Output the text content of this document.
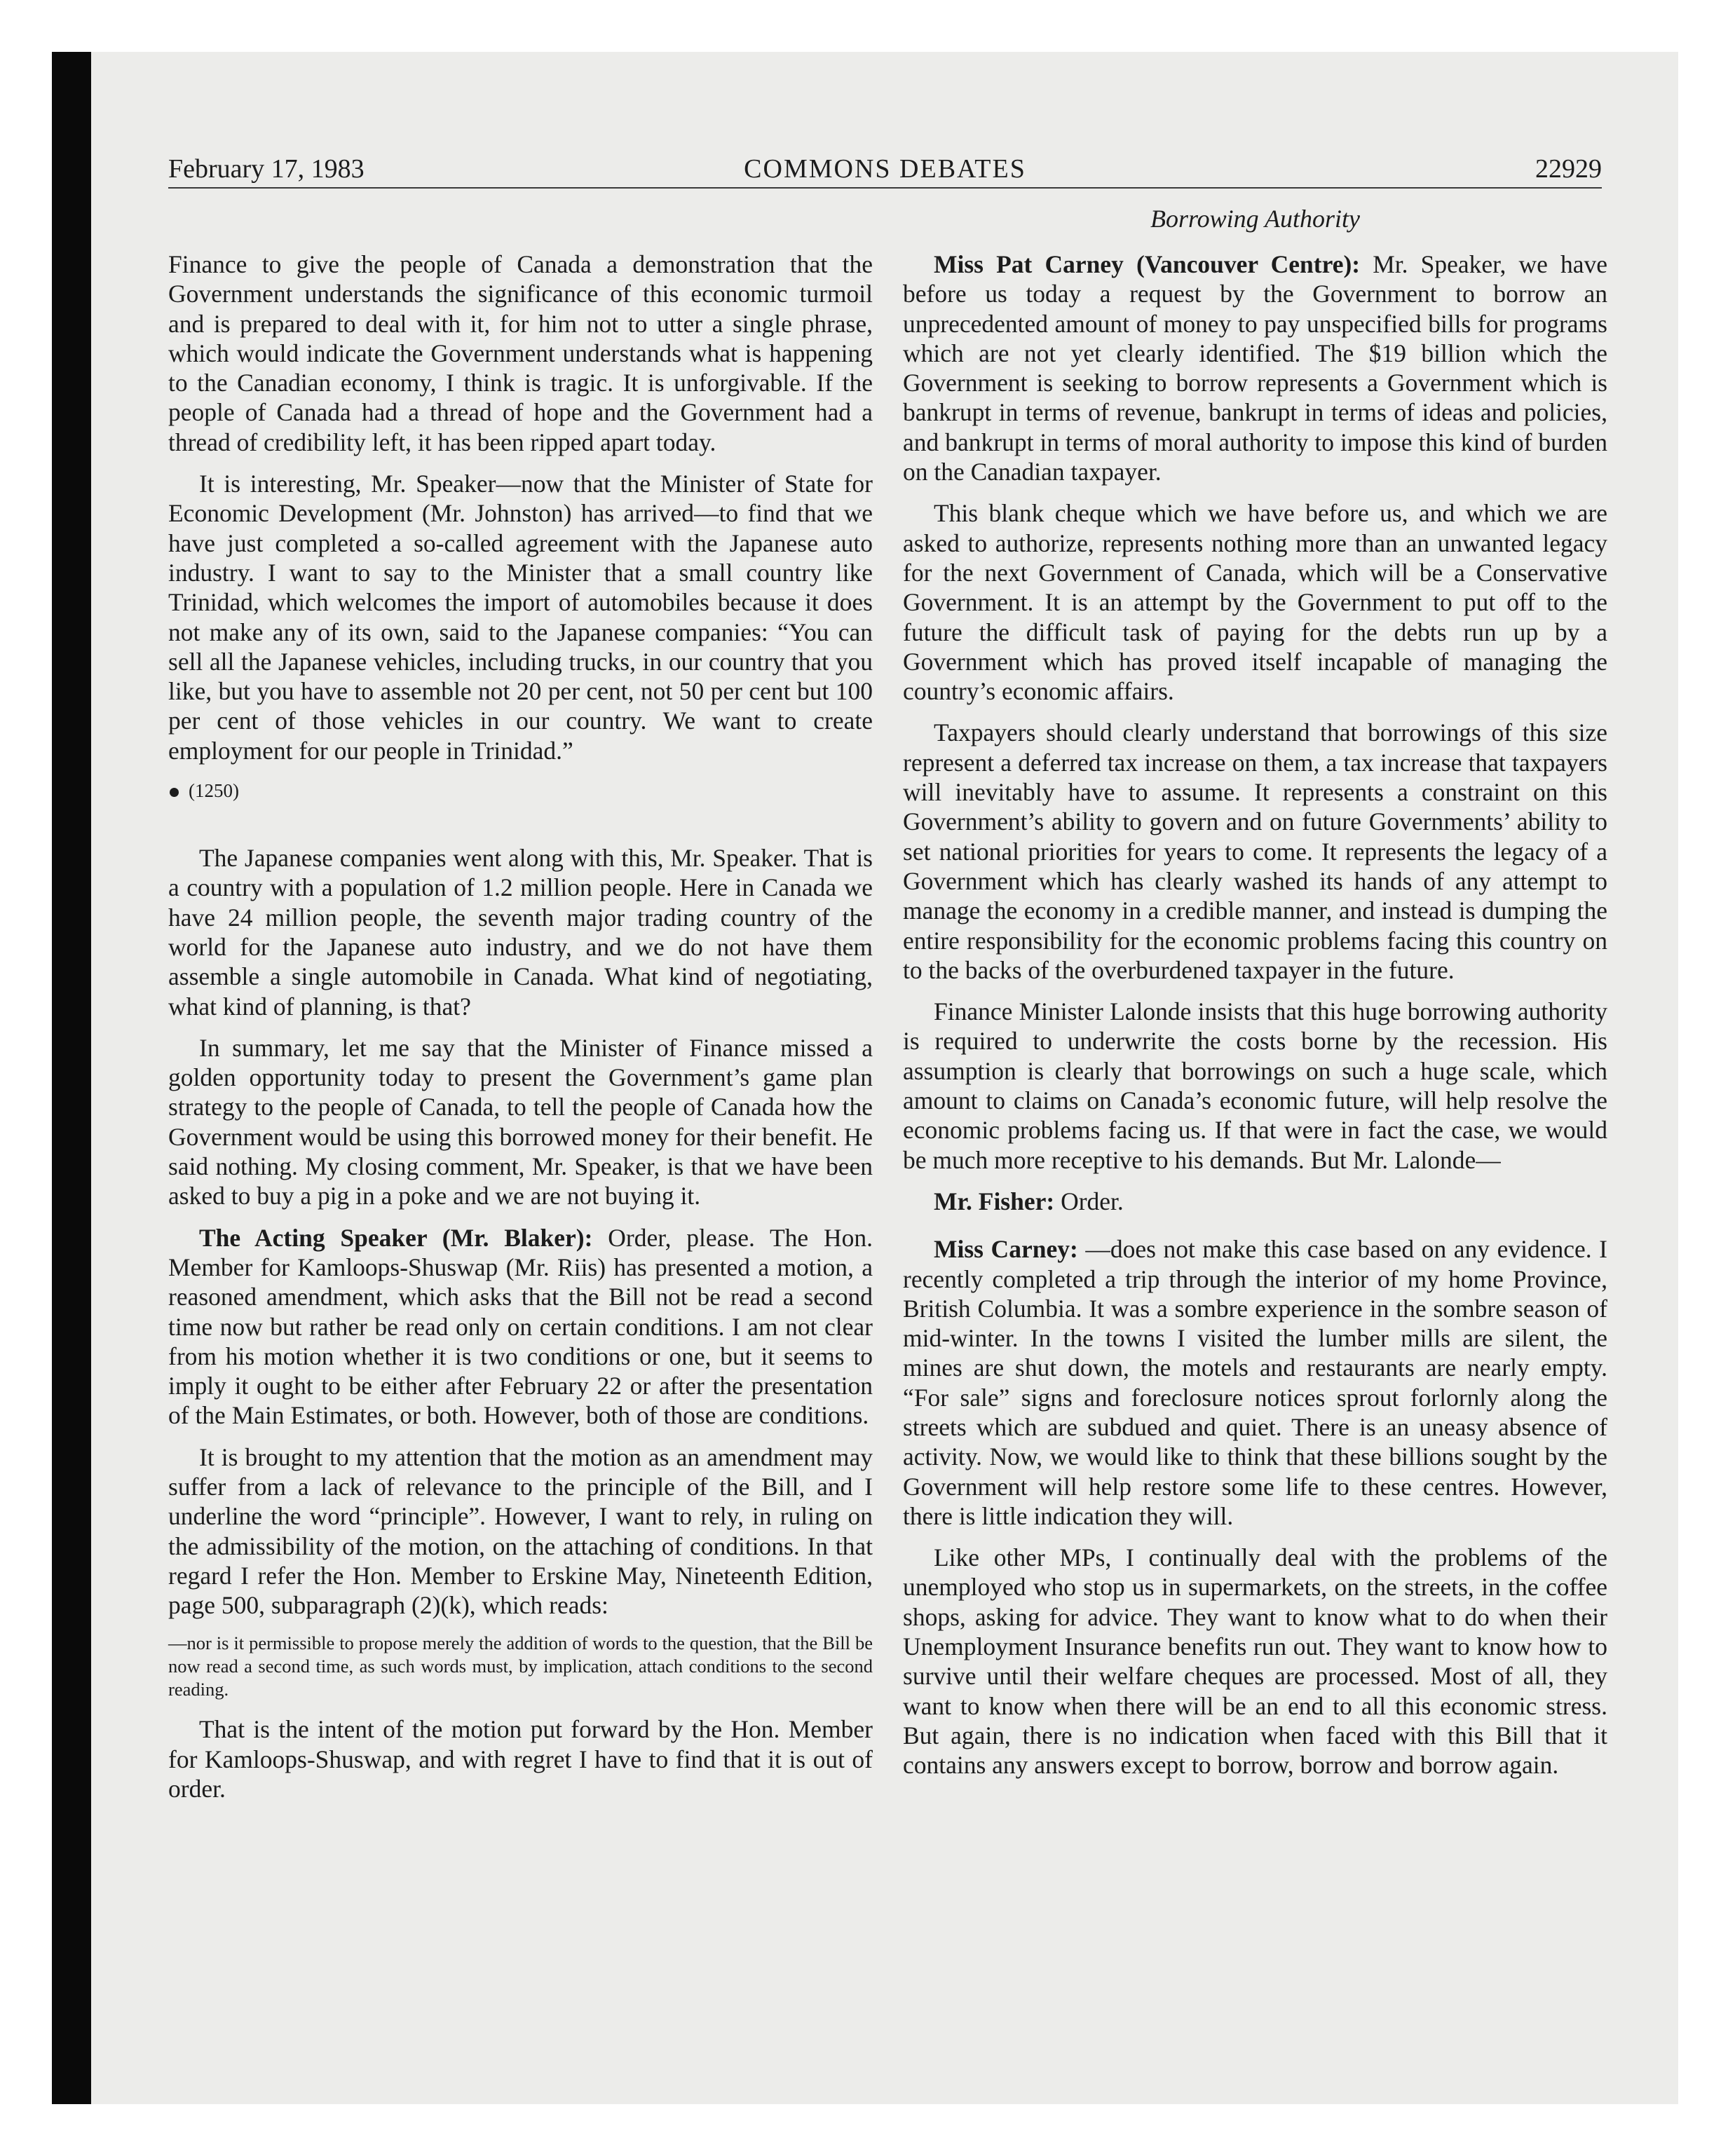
February 17, 1983	COMMONS DEBATES	22929
Borrowing Authority

Finance to give the people of Canada a demonstration that the Government understands the significance of this economic turmoil and is prepared to deal with it, for him not to utter a single phrase, which would indicate the Government understands what is happening to the Canadian economy, I think is tragic. It is unforgivable. If the people of Canada had a thread of hope and the Government had a thread of credibility left, it has been ripped apart today.

It is interesting, Mr. Speaker—now that the Minister of State for Economic Development (Mr. Johnston) has arrived—to find that we have just completed a so-called agreement with the Japanese auto industry. I want to say to the Minister that a small country like Trinidad, which welcomes the import of automobiles because it does not make any of its own, said to the Japanese companies: “You can sell all the Japanese vehicles, including trucks, in our country that you like, but you have to assemble not 20 per cent, not 50 per cent but 100 per cent of those vehicles in our country. We want to create employment for our people in Trinidad.”

(1250)

The Japanese companies went along with this, Mr. Speaker. That is a country with a population of 1.2 million people. Here in Canada we have 24 million people, the seventh major trading country of the world for the Japanese auto industry, and we do not have them assemble a single automobile in Canada. What kind of negotiating, what kind of planning, is that?

In summary, let me say that the Minister of Finance missed a golden opportunity today to present the Government’s game plan strategy to the people of Canada, to tell the people of Canada how the Government would be using this borrowed money for their benefit. He said nothing. My closing comment, Mr. Speaker, is that we have been asked to buy a pig in a poke and we are not buying it.

The Acting Speaker (Mr. Blaker): Order, please. The Hon. Member for Kamloops-Shuswap (Mr. Riis) has presented a motion, a reasoned amendment, which asks that the Bill not be read a second time now but rather be read only on certain conditions. I am not clear from his motion whether it is two conditions or one, but it seems to imply it ought to be either after February 22 or after the presentation of the Main Estimates, or both. However, both of those are conditions.

It is brought to my attention that the motion as an amendment may suffer from a lack of relevance to the principle of the Bill, and I underline the word “principle”. However, I want to rely, in ruling on the admissibility of the motion, on the attaching of conditions. In that regard I refer the Hon. Member to Erskine May, Nineteenth Edition, page 500, subparagraph (2)(k), which reads:

—nor is it permissible to propose merely the addition of words to the question, that the Bill be now read a second time, as such words must, by implication, attach conditions to the second reading.

That is the intent of the motion put forward by the Hon. Member for Kamloops-Shuswap, and with regret I have to find that it is out of order.

Miss Pat Carney (Vancouver Centre): Mr. Speaker, we have before us today a request by the Government to borrow an unprecedented amount of money to pay unspecified bills for programs which are not yet clearly identified. The $19 billion which the Government is seeking to borrow represents a Government which is bankrupt in terms of revenue, bankrupt in terms of ideas and policies, and bankrupt in terms of moral authority to impose this kind of burden on the Canadian taxpayer.

This blank cheque which we have before us, and which we are asked to authorize, represents nothing more than an unwanted legacy for the next Government of Canada, which will be a Conservative Government. It is an attempt by the Government to put off to the future the difficult task of paying for the debts run up by a Government which has proved itself incapable of managing the country’s economic affairs.

Taxpayers should clearly understand that borrowings of this size represent a deferred tax increase on them, a tax increase that taxpayers will inevitably have to assume. It represents a constraint on this Government’s ability to govern and on future Governments’ ability to set national priorities for years to come. It represents the legacy of a Government which has clearly washed its hands of any attempt to manage the economy in a credible manner, and instead is dumping the entire responsibility for the economic problems facing this country on to the backs of the overburdened taxpayer in the future.

Finance Minister Lalonde insists that this huge borrowing authority is required to underwrite the costs borne by the recession. His assumption is clearly that borrowings on such a huge scale, which amount to claims on Canada’s economic future, will help resolve the economic problems facing us. If that were in fact the case, we would be much more receptive to his demands. But Mr. Lalonde—

Mr. Fisher: Order.

Miss Carney: —does not make this case based on any evidence. I recently completed a trip through the interior of my home Province, British Columbia. It was a sombre experience in the sombre season of mid-winter. In the towns I visited the lumber mills are silent, the mines are shut down, the motels and restaurants are nearly empty. “For sale” signs and foreclosure notices sprout forlornly along the streets which are subdued and quiet. There is an uneasy absence of activity. Now, we would like to think that these billions sought by the Government will help restore some life to these centres. However, there is little indication they will.

Like other MPs, I continually deal with the problems of the unemployed who stop us in supermarkets, on the streets, in the coffee shops, asking for advice. They want to know what to do when their Unemployment Insurance benefits run out. They want to know how to survive until their welfare cheques are processed. Most of all, they want to know when there will be an end to all this economic stress. But again, there is no indication when faced with this Bill that it contains any answers except to borrow, borrow and borrow again.
